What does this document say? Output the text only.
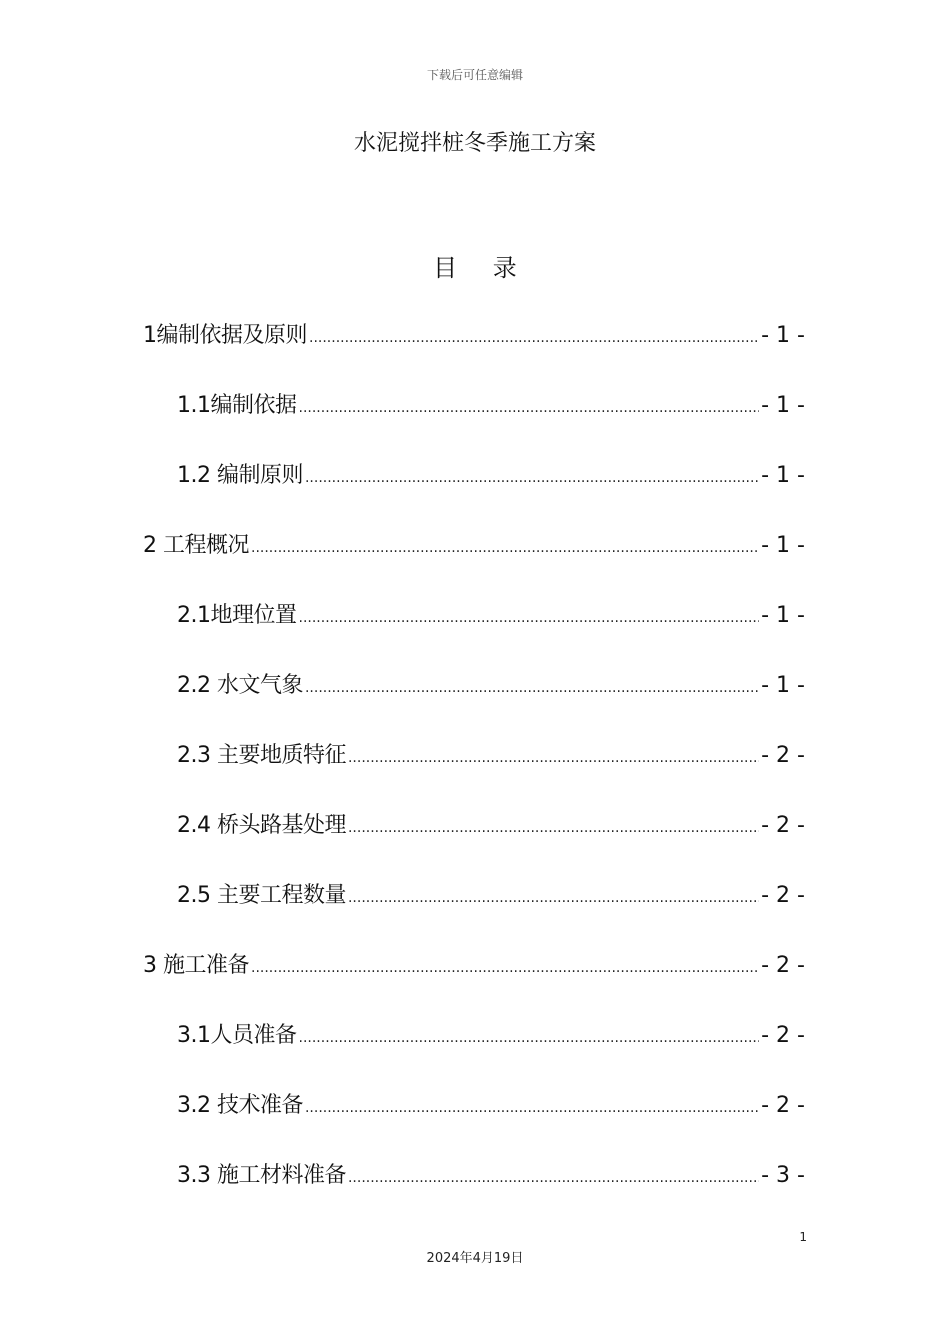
下载后可任意编辑
水泥搅拌桩冬季施工方案
目 录
1编制依据及原则 .....	- 1 -
1.1编制依据 .....	- 1 -
1.2 编制原则 .....	- 1 -
2 工程概况 .....	- 1 -
2.1地理位置 .....	- 1 -
2.2 水文气象 .....	- 1 -
2.3 主要地质特征 .....	- 2 -
2.4 桥头路基处理 .....	- 2 -
2.5 主要工程数量 .....	- 2 -
3 施工准备 .....	- 2 -
3.1人员准备 .....	- 2 -
3.2 技术准备 .....	- 2 -
3.3 施工材料准备 .....	- 3 -
1
2024年4月19日
